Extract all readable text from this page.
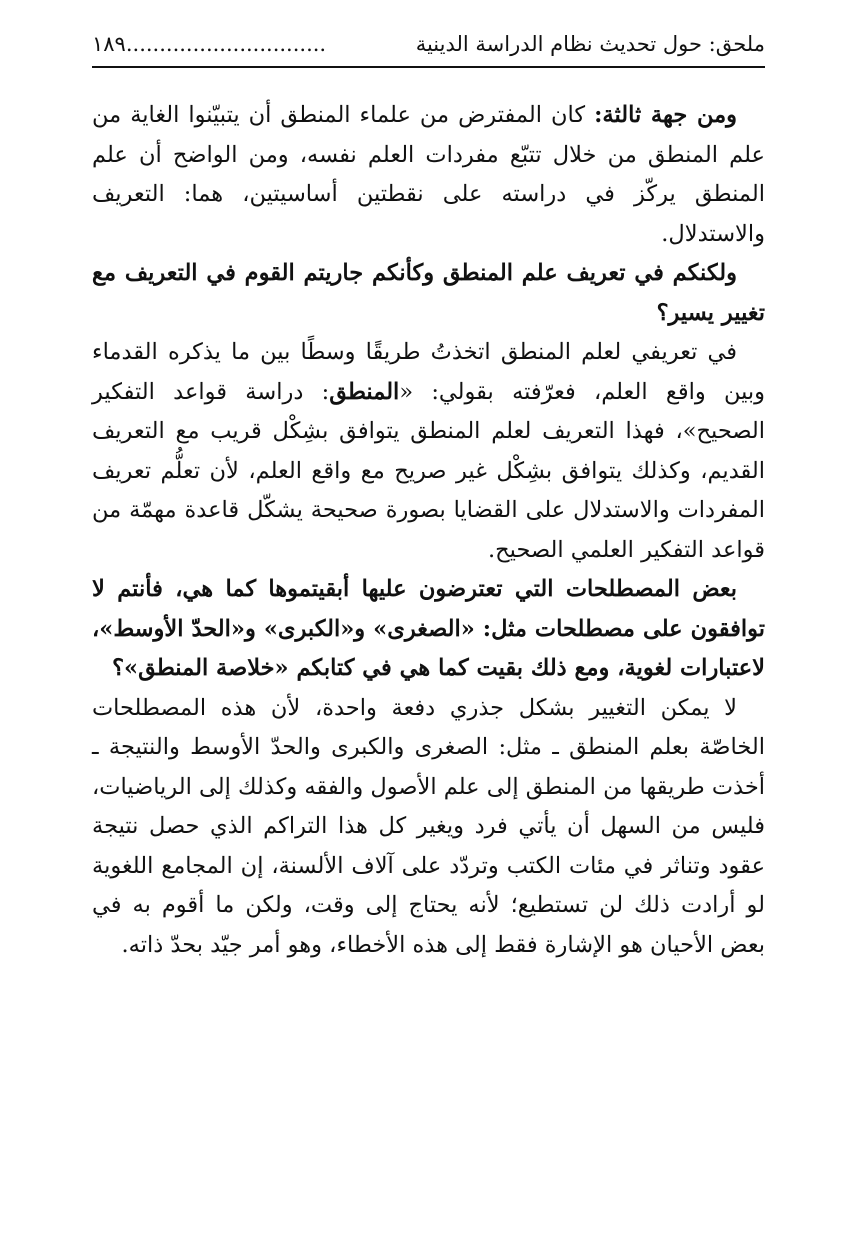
ملحق: حول تحديث نظام الدراسة الدينية
١٨٩..............................

ومن جهة ثالثة: كان المفترض من علماء المنطق أن يتبيّنوا الغاية من علم المنطق من خلال تتبّع مفردات العلم نفسه، ومن الواضح أن علم المنطق يركّز في دراسته على نقطتين أساسيتين، هما: التعريف والاستدلال.

ولكنكم في تعريف علم المنطق وكأنكم جاريتم القوم في التعريف مع تغيير يسير؟

في تعريفي لعلم المنطق اتخذتُ طريقًا وسطًا بين ما يذكره القدماء وبين واقع العلم، فعرّفته بقولي: «المنطق: دراسة قواعد التفكير الصحيح»، فهذا التعريف لعلم المنطق يتوافق بشِكْل قريب مع التعريف القديم، وكذلك يتوافق بشِكْل غير صريح مع واقع العلم، لأن تعلُّم تعريف المفردات والاستدلال على القضايا بصورة صحيحة يشكّل قاعدة مهمّة من قواعد التفكير العلمي الصحيح.

بعض المصطلحات التي تعترضون عليها أبقيتموها كما هي، فأنتم لا توافقون على مصطلحات مثل: «الصغرى» و«الكبرى» و«الحدّ الأوسط»، لاعتبارات لغوية، ومع ذلك بقيت كما هي في كتابكم «خلاصة المنطق»؟

لا يمكن التغيير بشكل جذري دفعة واحدة، لأن هذه المصطلحات الخاصّة بعلم المنطق ـ مثل: الصغرى والكبرى والحدّ الأوسط والنتيجة ـ أخذت طريقها من المنطق إلى علم الأصول والفقه وكذلك إلى الرياضيات، فليس من السهل أن يأتي فرد ويغير كل هذا التراكم الذي حصل نتيجة عقود وتناثر في مئات الكتب وتردّد على آلاف الألسنة، إن المجامع اللغوية لو أرادت ذلك لن تستطيع؛ لأنه يحتاج إلى وقت، ولكن ما أقوم به في بعض الأحيان هو الإشارة فقط إلى هذه الأخطاء، وهو أمر جيّد بحدّ ذاته.
